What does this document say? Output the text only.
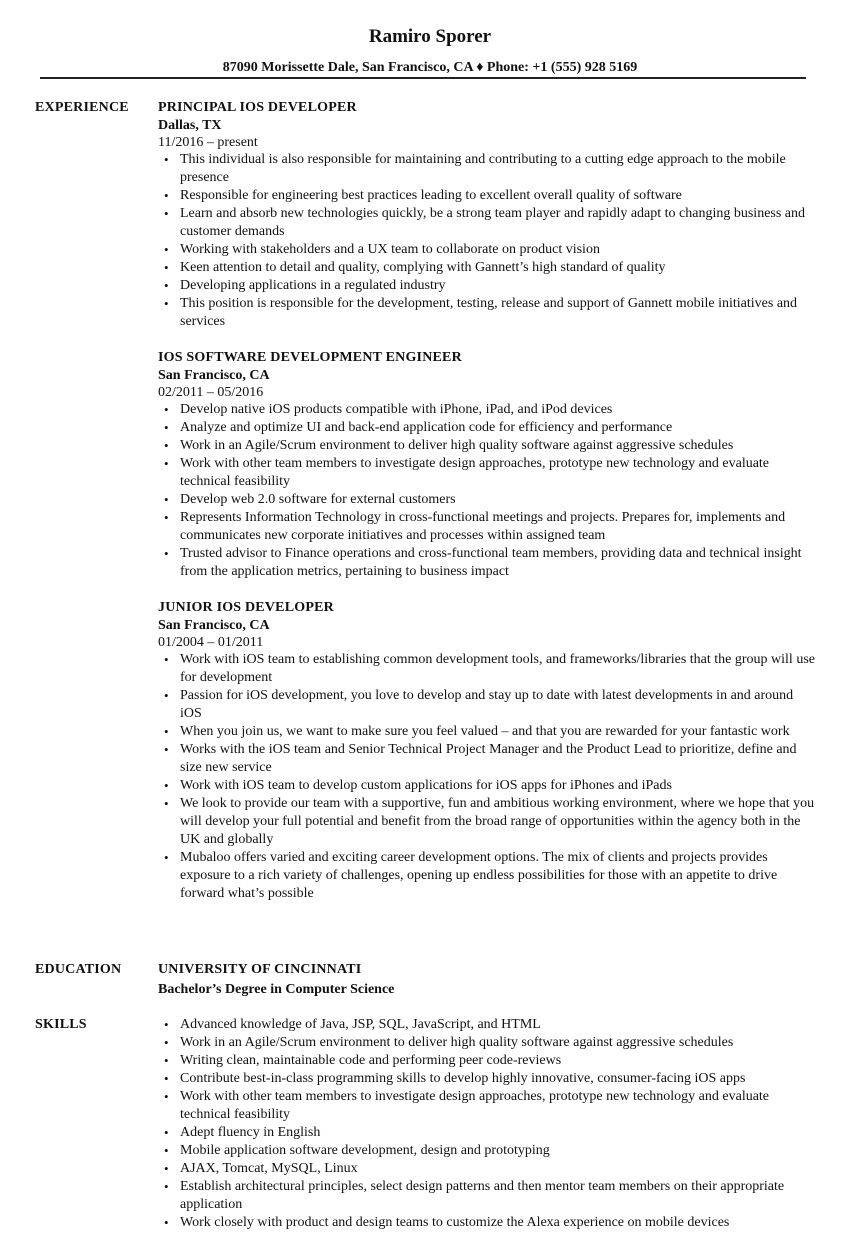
Ramiro Sporer
87090 Morissette Dale, San Francisco, CA ♦ Phone: +1 (555) 928 5169
EXPERIENCE	PRINCIPAL IOS DEVELOPER
Dallas, TX
11/2016 – present
• This individual is also responsible for maintaining and contributing to a cutting edge approach to the mobile presence
• Responsible for engineering best practices leading to excellent overall quality of software
• Learn and absorb new technologies quickly, be a strong team player and rapidly adapt to changing business and customer demands
• Working with stakeholders and a UX team to collaborate on product vision
• Keen attention to detail and quality, complying with Gannett’s high standard of quality
• Developing applications in a regulated industry
• This position is responsible for the development, testing, release and support of Gannett mobile initiatives and services
IOS SOFTWARE DEVELOPMENT ENGINEER
San Francisco, CA
02/2011 – 05/2016
• Develop native iOS products compatible with iPhone, iPad, and iPod devices
• Analyze and optimize UI and back-end application code for efficiency and performance
• Work in an Agile/Scrum environment to deliver high quality software against aggressive schedules
• Work with other team members to investigate design approaches, prototype new technology and evaluate technical feasibility
• Develop web 2.0 software for external customers
• Represents Information Technology in cross-functional meetings and projects. Prepares for, implements and communicates new corporate initiatives and processes within assigned team
• Trusted advisor to Finance operations and cross-functional team members, providing data and technical insight from the application metrics, pertaining to business impact
JUNIOR IOS DEVELOPER
San Francisco, CA
01/2004 – 01/2011
• Work with iOS team to establishing common development tools, and frameworks/libraries that the group will use for development
• Passion for iOS development, you love to develop and stay up to date with latest developments in and around iOS
• When you join us, we want to make sure you feel valued – and that you are rewarded for your fantastic work
• Works with the iOS team and Senior Technical Project Manager and the Product Lead to prioritize, define and size new service
• Work with iOS team to develop custom applications for iOS apps for iPhones and iPads
• We look to provide our team with a supportive, fun and ambitious working environment, where we hope that you will develop your full potential and benefit from the broad range of opportunities within the agency both in the UK and globally
• Mubaloo offers varied and exciting career development options. The mix of clients and projects provides exposure to a rich variety of challenges, opening up endless possibilities for those with an appetite to drive forward what’s possible
EDUCATION	UNIVERSITY OF CINCINNATI
Bachelor’s Degree in Computer Science
SKILLS
•	Advanced knowledge of Java, JSP, SQL, JavaScript, and HTML
• Work in an Agile/Scrum environment to deliver high quality software against aggressive schedules
• Writing clean, maintainable code and performing peer code-reviews
• Contribute best-in-class programming skills to develop highly innovative, consumer-facing iOS apps
• Work with other team members to investigate design approaches, prototype new technology and evaluate technical feasibility
• Adept fluency in English
• Mobile application software development, design and prototyping
• AJAX, Tomcat, MySQL, Linux
• Establish architectural principles, select design patterns and then mentor team members on their appropriate application
• Work closely with product and design teams to customize the Alexa experience on mobile devices
